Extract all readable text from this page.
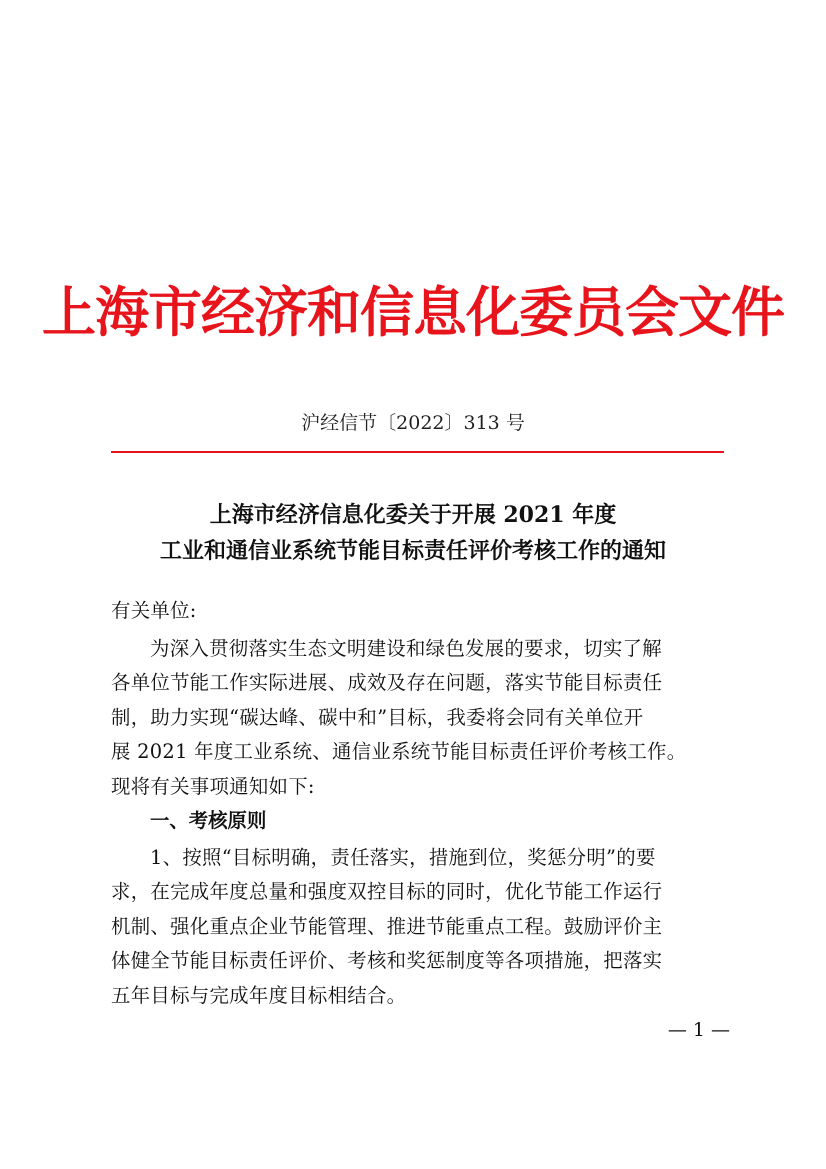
上海市经济和信息化委员会文件
沪经信节〔2022〕313 号
上海市经济信息化委关于开展 2021 年度
工业和通信业系统节能目标责任评价考核工作的通知
有关单位:
为深入贯彻落实生态文明建设和绿色发展的要求，切实了解
各单位节能工作实际进展、成效及存在问题，落实节能目标责任
制，助力实现“碳达峰、碳中和”目标，我委将会同有关单位开
展 2021 年度工业系统、通信业系统节能目标责任评价考核工作。
现将有关事项通知如下:
一、考核原则
1、按照“目标明确，责任落实，措施到位，奖惩分明”的要
求，在完成年度总量和强度双控目标的同时，优化节能工作运行
机制、强化重点企业节能管理、推进节能重点工程。鼓励评价主
体健全节能目标责任评价、考核和奖惩制度等各项措施，把落实
五年目标与完成年度目标相结合。
— 1 —
